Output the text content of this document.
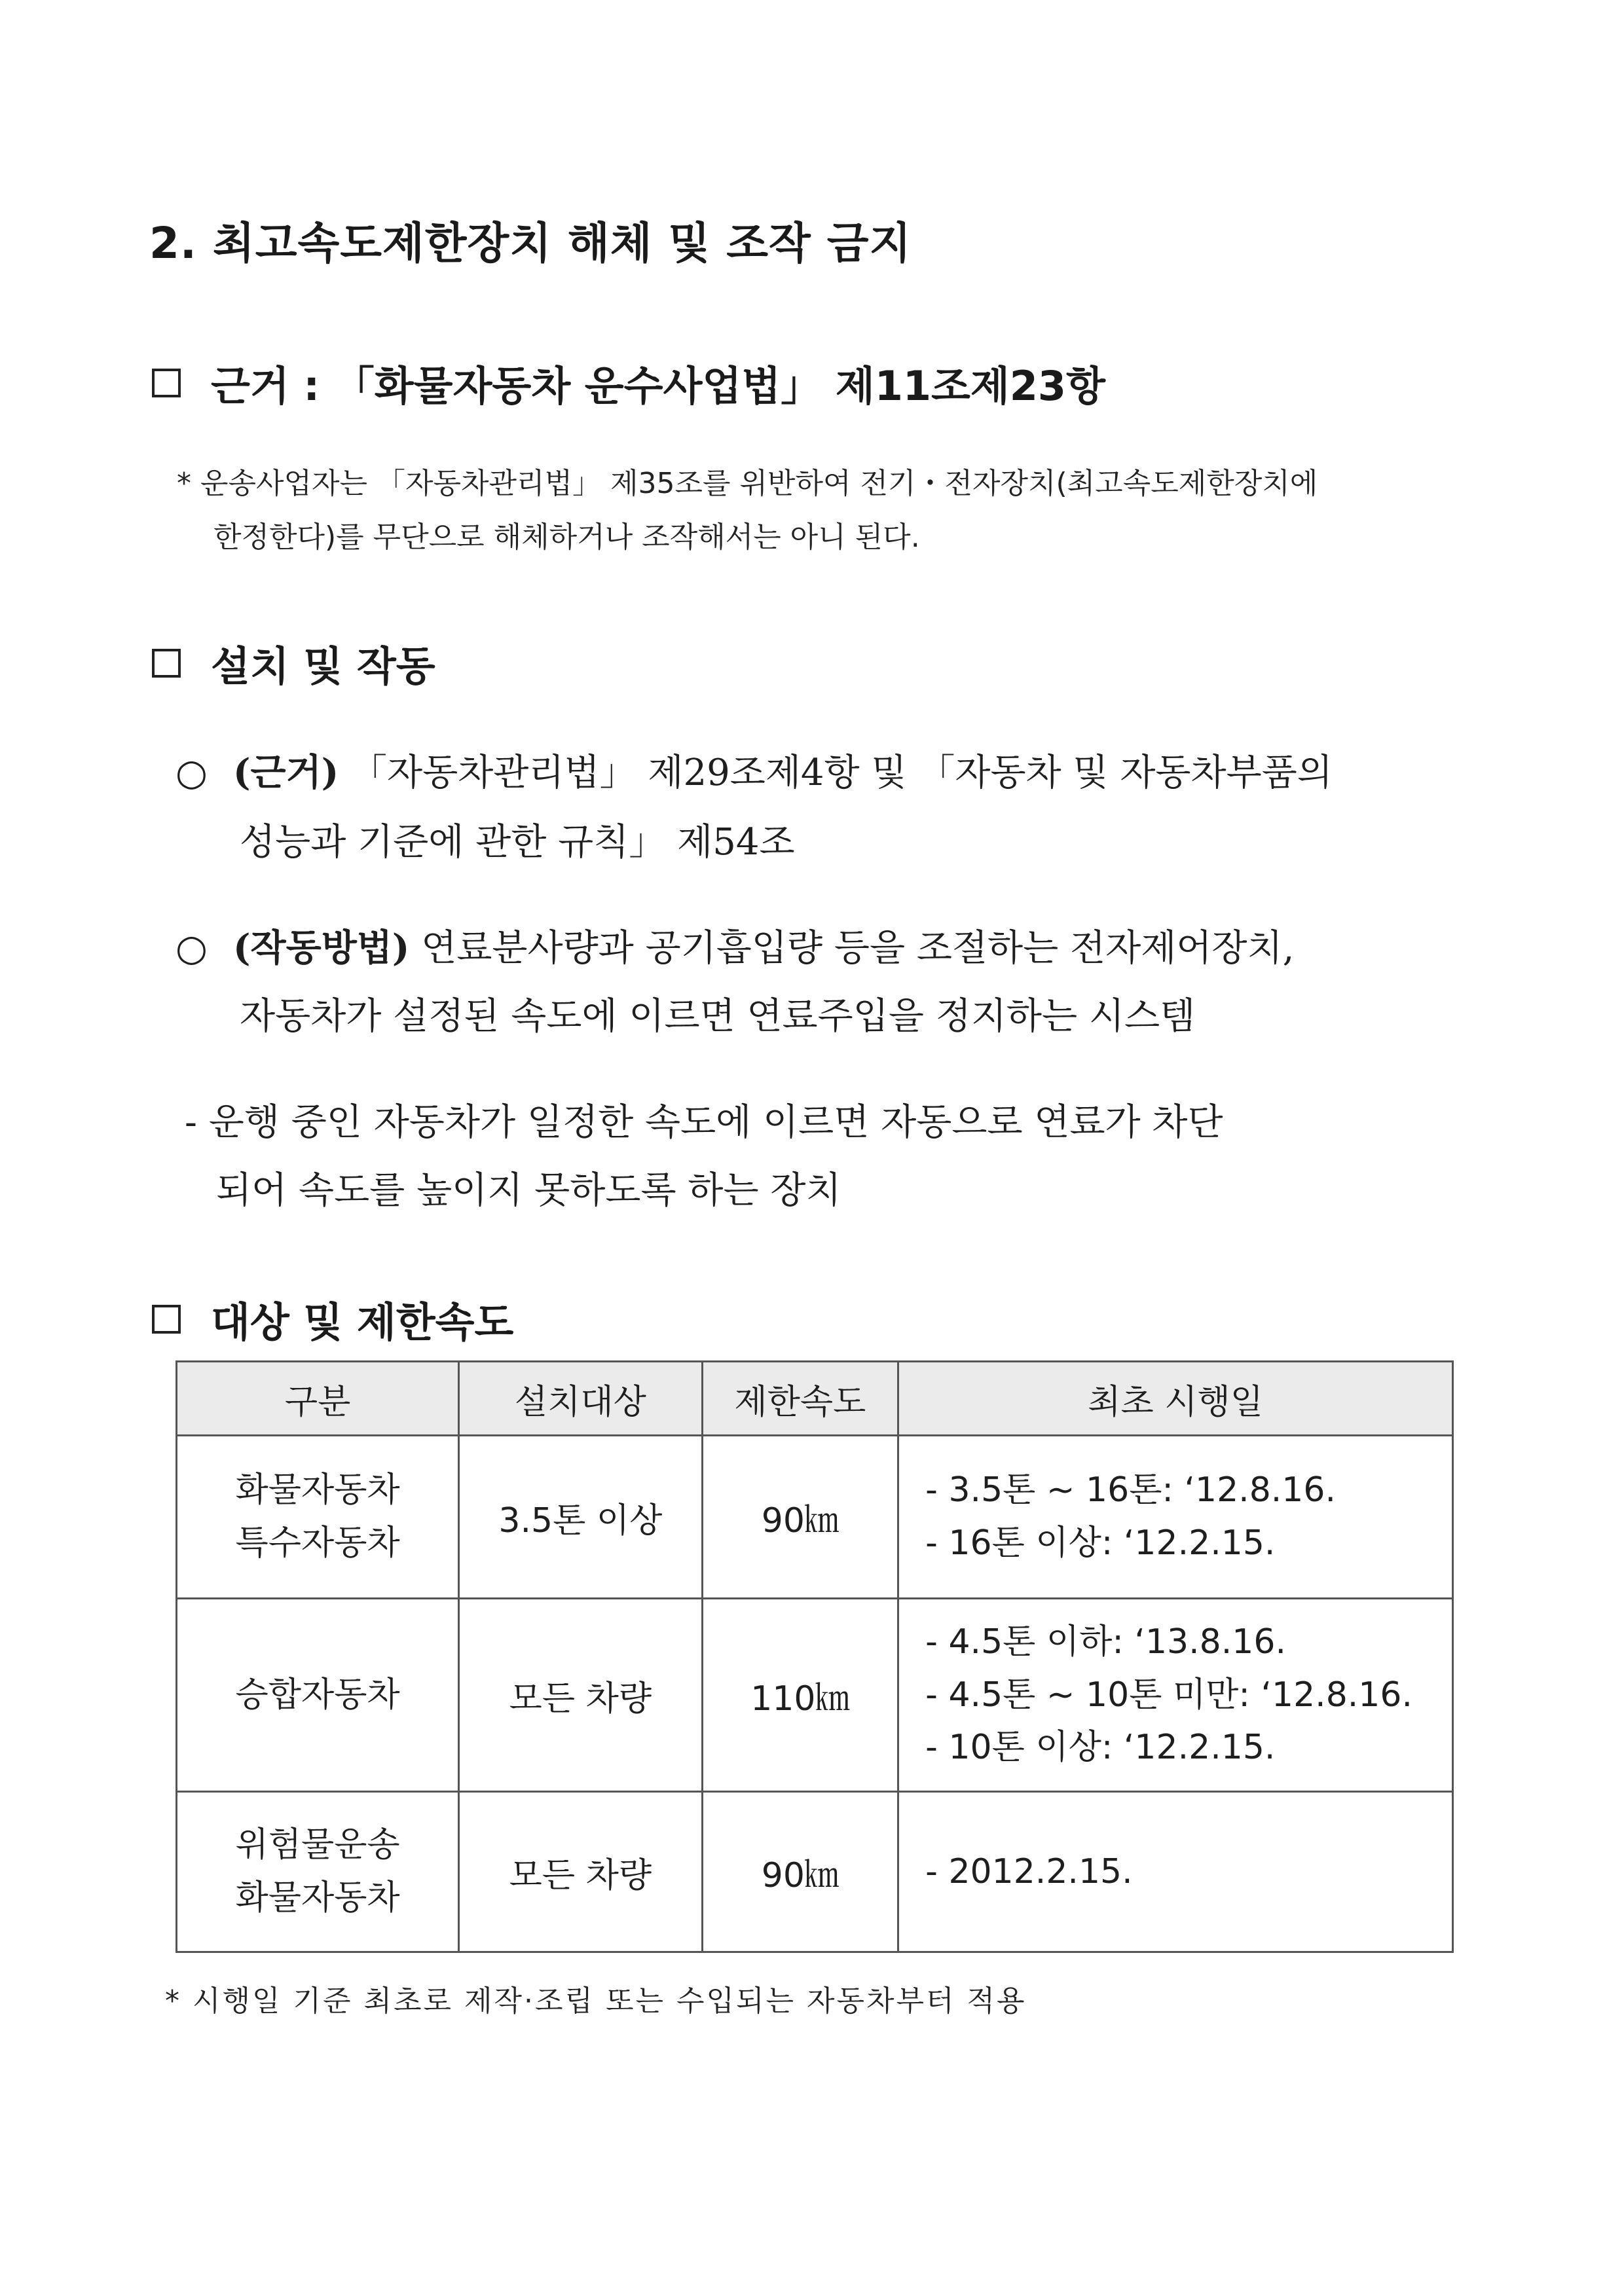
2. 최고속도제한장치 해체 및 조작 금지
근거 : 「화물자동차 운수사업법」 제11조제23항
* 운송사업자는 「자동차관리법」 제35조를 위반하여 전기・전자장치(최고속도제한장치에
한정한다)를 무단으로 해체하거나 조작해서는 아니 된다.
설치 및 작동
○ (근거) 「자동차관리법」 제29조제4항 및 「자동차 및 자동차부품의
성능과 기준에 관한 규칙」 제54조
○ (작동방법) 연료분사량과 공기흡입량 등을 조절하는 전자제어장치,
자동차가 설정된 속도에 이르면 연료주입을 정지하는 시스템
- 운행 중인 자동차가 일정한 속도에 이르면 자동으로 연료가 차단
되어 속도를 높이지 못하도록 하는 장치
대상 및 제한속도
구분	설치대상	제한속도	최초 시행일

화물자동차
특수자동차	3.5톤 이상	90㎞	- 3.5톤 ~ 16톤: ‘12.8.16.
- 16톤 이상: ‘12.2.15.

승합자동차	모든 차량	110㎞	- 4.5톤 이하: ‘13.8.16.
- 4.5톤 ~ 10톤 미만: ‘12.8.16.
- 10톤 이상: ‘12.2.15.

위험물운송
화물자동차	모든 차량	90㎞	- 2012.2.15.
* 시행일 기준 최초로 제작·조립 또는 수입되는 자동차부터 적용
